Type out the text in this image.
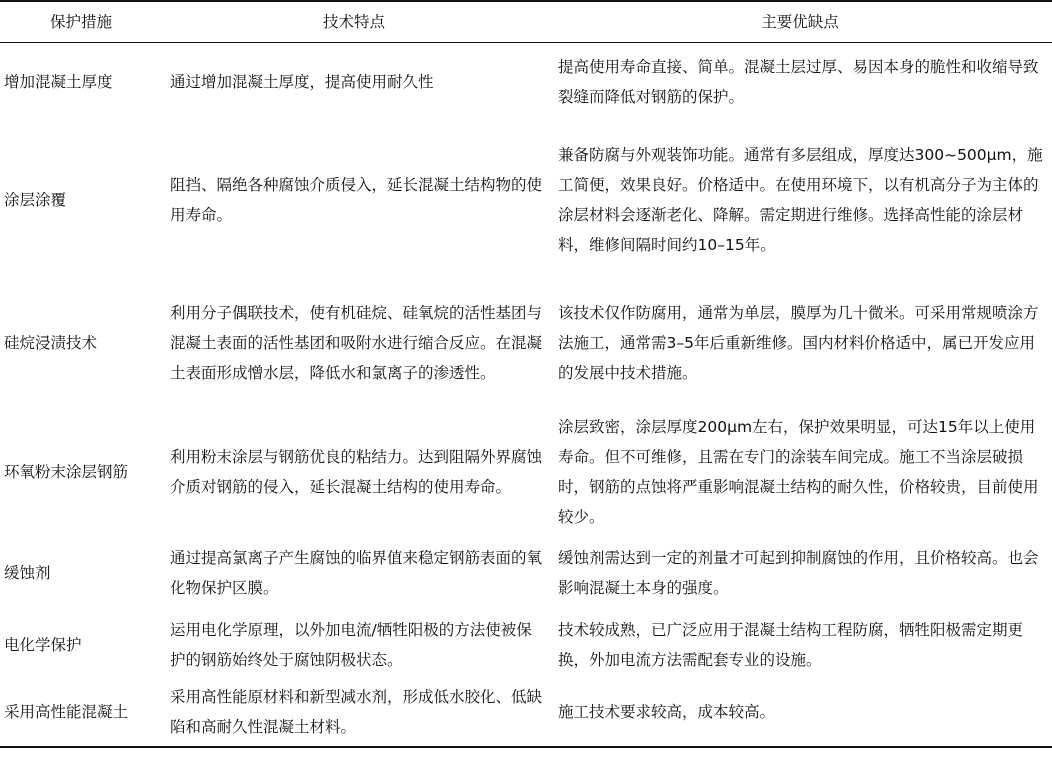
保护措施	技术特点	主要优缺点
增加混凝土厚度	通过增加混凝土厚度，提高使用耐久性	提高使用寿命直接、简单。混凝土层过厚、易因本身的脆性和收缩导致裂缝而降低对钢筋的保护。
涂层涂覆	阻挡、隔绝各种腐蚀介质侵入，延长混凝土结构物的使用寿命。	兼备防腐与外观装饰功能。通常有多层组成，厚度达300~500μm，施工简便，效果良好。价格适中。在使用环境下，以有机高分子为主体的涂层材料会逐渐老化、降解。需定期进行维修。选择高性能的涂层材料，维修间隔时间约10–15年。
硅烷浸渍技术	利用分子偶联技术，使有机硅烷、硅氧烷的活性基团与混凝土表面的活性基团和吸附水进行缩合反应。在混凝土表面形成憎水层，降低水和氯离子的渗透性。	该技术仅作防腐用，通常为单层，膜厚为几十微米。可采用常规喷涂方法施工，通常需3–5年后重新维修。国内材料价格适中，属已开发应用的发展中技术措施。
环氧粉末涂层钢筋	利用粉末涂层与钢筋优良的粘结力。达到阻隔外界腐蚀介质对钢筋的侵入，延长混凝土结构的使用寿命。	涂层致密，涂层厚度200μm左右，保护效果明显，可达15年以上使用寿命。但不可维修，且需在专门的涂装车间完成。施工不当涂层破损时，钢筋的点蚀将严重影响混凝土结构的耐久性，价格较贵，目前使用较少。
缓蚀剂	通过提高氯离子产生腐蚀的临界值来稳定钢筋表面的氧化物保护区膜。	缓蚀剂需达到一定的剂量才可起到抑制腐蚀的作用，且价格较高。也会影响混凝土本身的强度。
电化学保护	运用电化学原理，以外加电流/牺牲阳极的方法使被保护的钢筋始终处于腐蚀阴极状态。	技术较成熟，已广泛应用于混凝土结构工程防腐，牺牲阳极需定期更换，外加电流方法需配套专业的设施。
采用高性能混凝土	采用高性能原材料和新型减水剂，形成低水胶化、低缺陷和高耐久性混凝土材料。	施工技术要求较高，成本较高。
